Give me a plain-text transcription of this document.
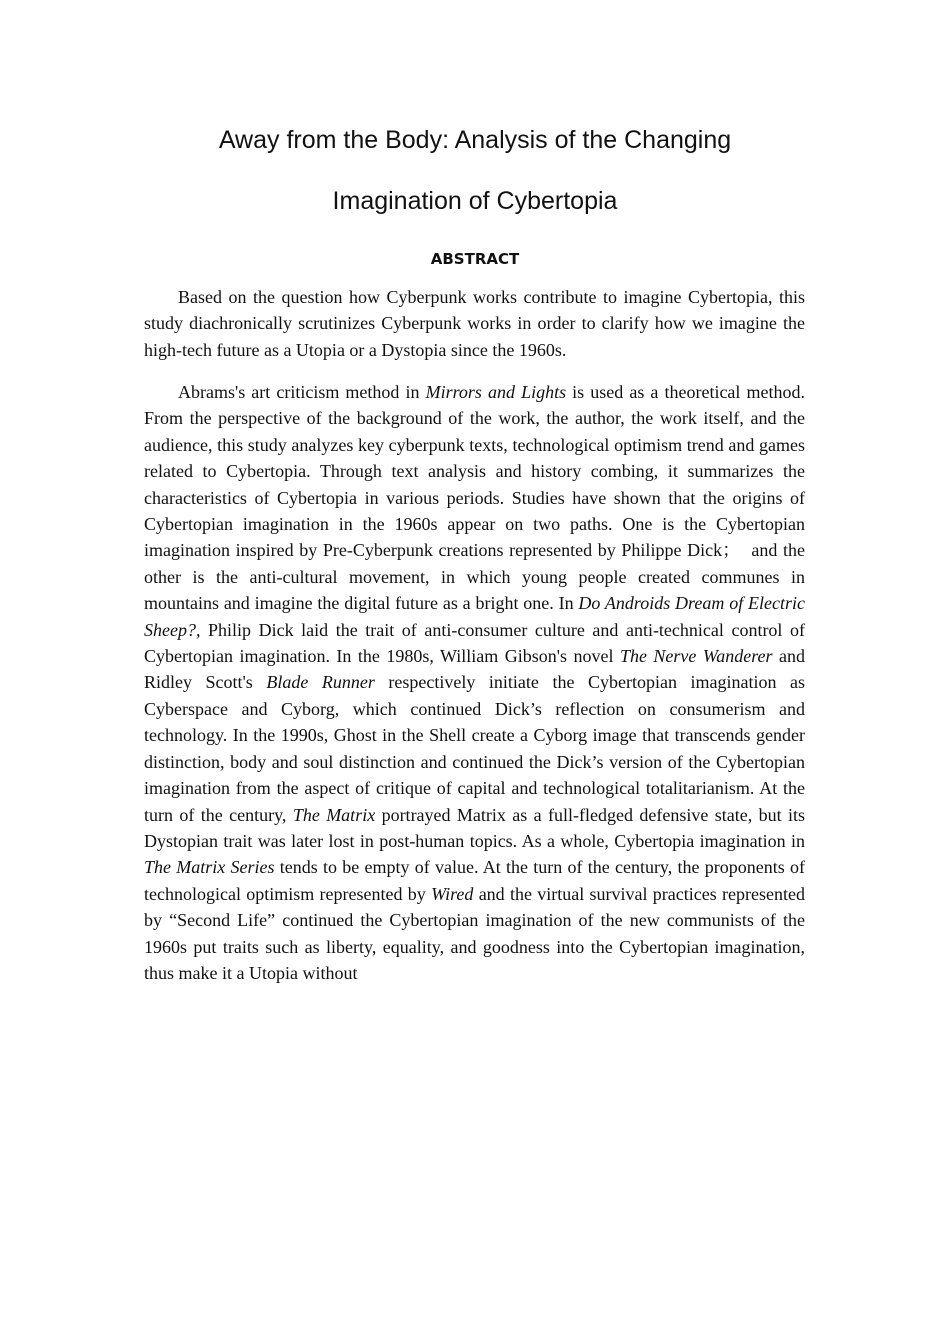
Away from the Body: Analysis of the Changing
Imagination of Cybertopia
ABSTRACT

Based on the question how Cyberpunk works contribute to imagine Cybertopia, this study diachronically scrutinizes Cyberpunk works in order to clarify how we imagine the high-tech future as a Utopia or a Dystopia since the 1960s.

Abrams's art criticism method in Mirrors and Lights is used as a theoretical method. From the perspective of the background of the work, the author, the work itself, and the audience, this study analyzes key cyberpunk texts, technological optimism trend and games related to Cybertopia. Through text analysis and history combing, it summarizes the characteristics of Cybertopia in various periods. Studies have shown that the origins of Cybertopian imagination in the 1960s appear on two paths. One is the Cybertopian imagination inspired by Pre-Cyberpunk creations represented by Philippe Dick；  and the other is the anti-cultural movement, in which young people created communes in mountains and imagine the digital future as a bright one. In Do Androids Dream of Electric Sheep?, Philip Dick laid the trait of anti-consumer culture and anti-technical control of Cybertopian imagination. In the 1980s, William Gibson's novel The Nerve Wanderer and Ridley Scott's Blade Runner respectively initiate the Cybertopian imagination as Cyberspace and Cyborg, which continued Dick’s reflection on consumerism and technology. In the 1990s, Ghost in the Shell create a Cyborg image that transcends gender distinction, body and soul distinction and continued the Dick’s version of the Cybertopian imagination from the aspect of critique of capital and technological totalitarianism. At the turn of the century, The Matrix portrayed Matrix as a full-fledged defensive state, but its Dystopian trait was later lost in post-human topics. As a whole, Cybertopia imagination in The Matrix Series tends to be empty of value. At the turn of the century, the proponents of technological optimism represented by Wired and the virtual survival practices represented by “Second Life” continued the Cybertopian imagination of the new communists of the 1960s put traits such as liberty, equality, and goodness into the Cybertopian imagination, thus make it a Utopia without
